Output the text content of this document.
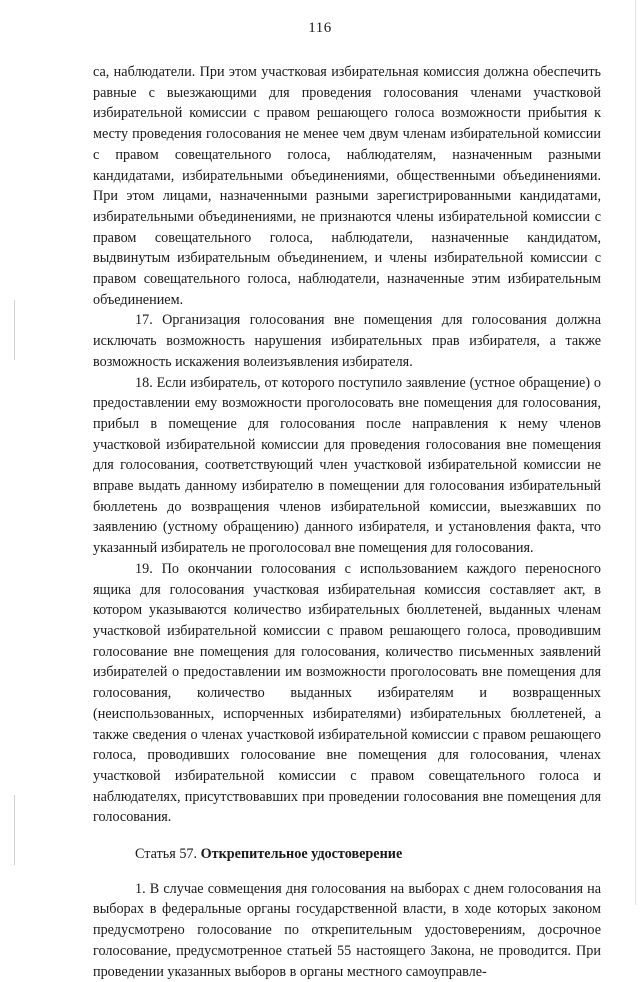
116

са, наблюдатели. При этом участковая избирательная комиссия должна обеспечить равные с выезжающими для проведения голосования членами участковой избирательной комиссии с правом решающего голоса возможности прибытия к месту проведения голосования не менее чем двум членам избирательной комиссии с правом совещательного голоса, наблюдателям, назначенным разными кандидатами, избирательными объединениями, общественными объединениями. При этом лицами, назначенными разными зарегистрированными кандидатами, избирательными объединениями, не признаются члены избирательной комиссии с правом совещательного голоса, наблюдатели, назначенные кандидатом, выдвинутым избирательным объединением, и члены избирательной комиссии с правом совещательного голоса, наблюдатели, назначенные этим избирательным объединением.

17. Организация голосования вне помещения для голосования должна исключать возможность нарушения избирательных прав избирателя, а также возможность искажения волеизъявления избирателя.

18. Если избиратель, от которого поступило заявление (устное обращение) о предоставлении ему возможности проголосовать вне помещения для голосования, прибыл в помещение для голосования после направления к нему членов участковой избирательной комиссии для проведения голосования вне помещения для голосования, соответствующий член участковой избирательной комиссии не вправе выдать данному избирателю в помещении для голосования избирательный бюллетень до возвращения членов избирательной комиссии, выезжавших по заявлению (устному обращению) данного избирателя, и установления факта, что указанный избиратель не проголосовал вне помещения для голосования.

19. По окончании голосования с использованием каждого переносного ящика для голосования участковая избирательная комиссия составляет акт, в котором указываются количество избирательных бюллетеней, выданных членам участковой избирательной комиссии с правом решающего голоса, проводившим голосование вне помещения для голосования, количество письменных заявлений избирателей о предоставлении им возможности проголосовать вне помещения для голосования, количество выданных избирателям и возвращенных (неиспользованных, испорченных избирателями) избирательных бюллетеней, а также сведения о членах участковой избирательной комиссии с правом решающего голоса, проводивших голосование вне помещения для голосования, членах участковой избирательной комиссии с правом совещательного голоса и наблюдателях, присутствовавших при проведении голосования вне помещения для голосования.

Статья 57. Открепительное удостоверение

1. В случае совмещения дня голосования на выборах с днем голосования на выборах в федеральные органы государственной власти, в ходе которых законом предусмотрено голосование по открепительным удостоверениям, досрочное голосование, предусмотренное статьей 55 настоящего Закона, не проводится. При проведении указанных выборов в органы местного самоуправле-
